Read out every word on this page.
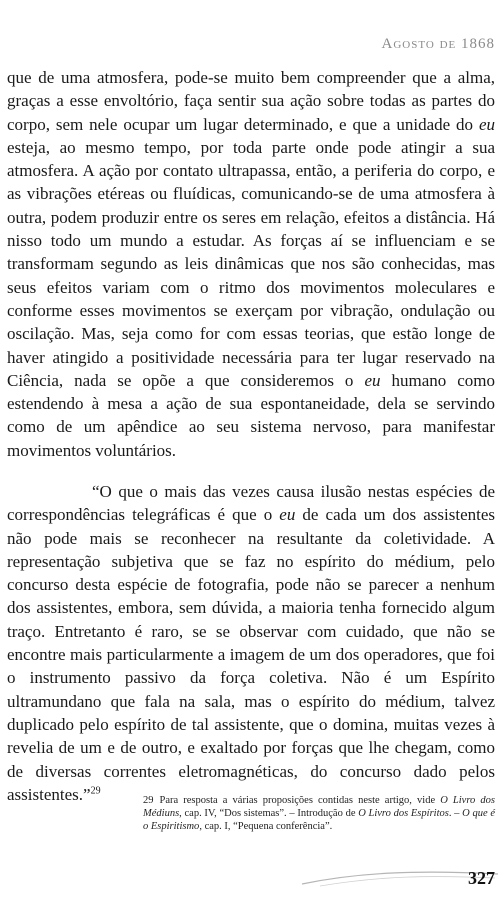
Agosto de 1868

que de uma atmosfera, pode-se muito bem compreender que a alma, graças a esse envoltório, faça sentir sua ação sobre todas as partes do corpo, sem nele ocupar um lugar determinado, e que a unidade do eu esteja, ao mesmo tempo, por toda parte onde pode atingir a sua atmosfera. A ação por contato ultrapassa, então, a periferia do corpo, e as vibrações etéreas ou fluídicas, comunicando-se de uma atmosfera à outra, podem produzir entre os seres em relação, efeitos a distância. Há nisso todo um mundo a estudar. As forças aí se influenciam e se transformam segundo as leis dinâmicas que nos são conhecidas, mas seus efeitos variam com o ritmo dos movimentos moleculares e conforme esses movimentos se exerçam por vibração, ondulação ou oscilação. Mas, seja como for com essas teorias, que estão longe de haver atingido a positividade necessária para ter lugar reservado na Ciência, nada se opõe a que consideremos o eu humano como estendendo à mesa a ação de sua espontaneidade, dela se servindo como de um apêndice ao seu sistema nervoso, para manifestar movimentos voluntários.

“O que o mais das vezes causa ilusão nestas espécies de correspondências telegráficas é que o eu de cada um dos assistentes não pode mais se reconhecer na resultante da coletividade. A representação subjetiva que se faz no espírito do médium, pelo concurso desta espécie de fotografia, pode não se parecer a nenhum dos assistentes, embora, sem dúvida, a maioria tenha fornecido algum traço. Entretanto é raro, se se observar com cuidado, que não se encontre mais particularmente a imagem de um dos operadores, que foi o instrumento passivo da força coletiva. Não é um Espírito ultramundano que fala na sala, mas o espírito do médium, talvez duplicado pelo espírito de tal assistente, que o domina, muitas vezes à revelia de um e de outro, e exaltado por forças que lhe chegam, como de diversas correntes eletromagnéticas, do concurso dado pelos assistentes.”$^{29}$

29 Para resposta a várias proposições contidas neste artigo, vide O Livro dos Médiuns, cap. IV, “Dos sistemas”. – Introdução de O Livro dos Espíritos. – O que é o Espiritismo, cap. I, “Pequena conferência”.

327
